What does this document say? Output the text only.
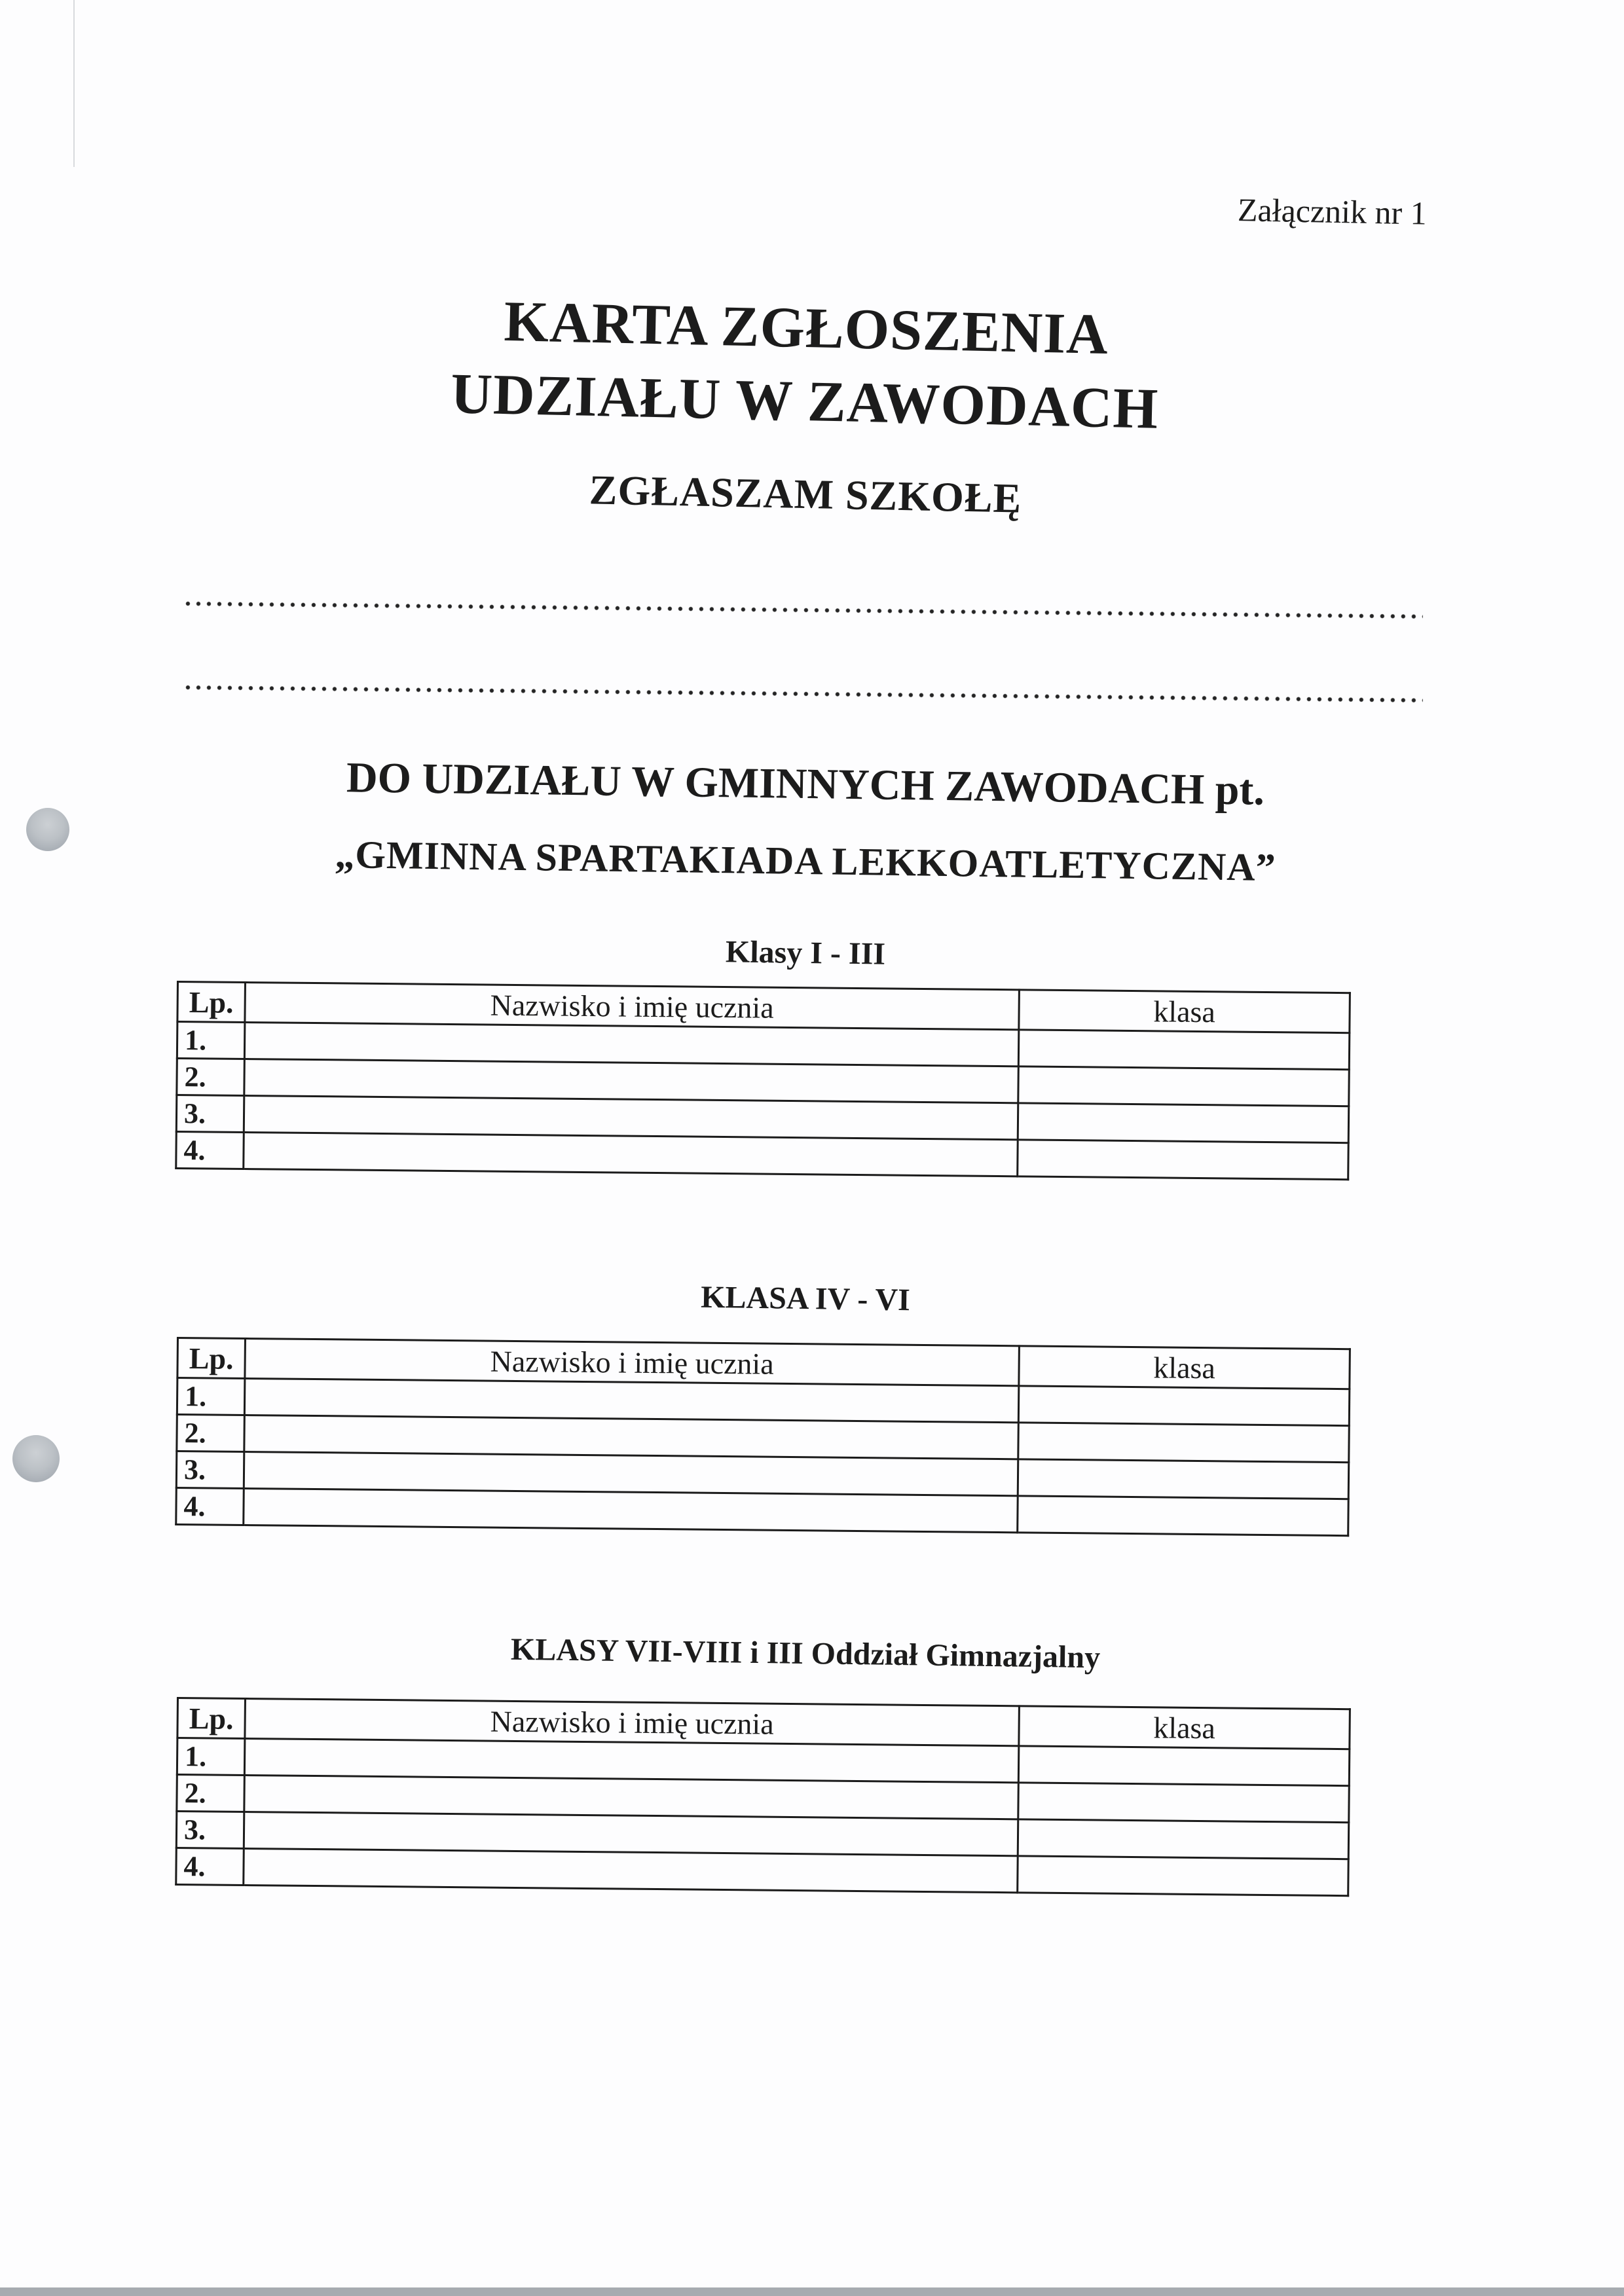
Załącznik nr 1
KARTA ZGŁOSZENIA
UDZIAŁU W ZAWODACH
ZGŁASZAM SZKOŁĘ
DO UDZIAŁU W GMINNYCH ZAWODACH pt.
„GMINNA SPARTAKIADA LEKKOATLETYCZNA”
Klasy I - III
Lp.	Nazwisko i imię ucznia	klasa
1.		
2.		
3.		
4.		
KLASA IV - VI
Lp.	Nazwisko i imię ucznia	klasa
1.		
2.		
3.		
4.		
KLASY VII-VIII i III Oddział Gimnazjalny
Lp.	Nazwisko i imię ucznia	klasa
1.		
2.		
3.		
4.		
